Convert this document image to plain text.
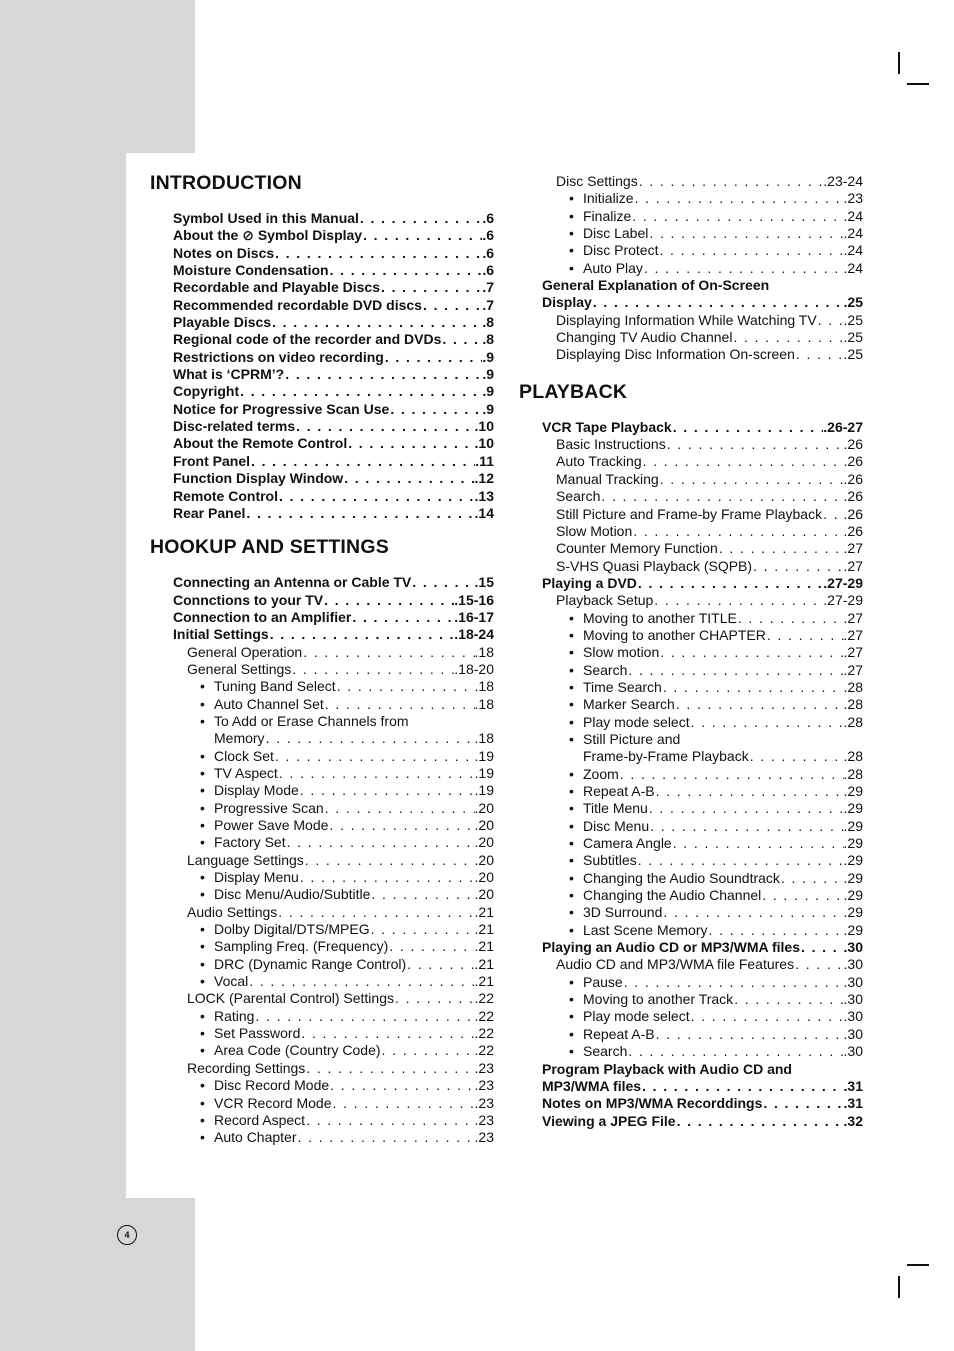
INTRODUCTION
Symbol Used in this Manual . . .	.6
About the ⊘ Symbol Display . . .	.6
Notes on Discs . . .	.6
Moisture Condensation . . .	.6
Recordable and Playable Discs . . .	.7
Recommended recordable DVD discs . . .	.7
Playable Discs . . .	.8
Regional code of the recorder and DVDs . . .	.8
Restrictions on video recording . . .	.9
What is ‘CPRM’? . . .	.9
Copyright . . .	.9
Notice for Progressive Scan Use . . .	.9
Disc-related terms . . .	.10
About the Remote Control . . .	.10
Front Panel . . .	.11
Function Display Window . . .	.12
Remote Control . . .	.13
Rear Panel . . .	.14
HOOKUP AND SETTINGS
Connecting an Antenna or Cable TV . . .	.15
Connctions to your TV . . .	.15-16
Connection to an Amplifier . . .	.16-17
Initial Settings . . .	.18-24
General Operation . . .	.18
General Settings . . .	.18-20
• Tuning Band Select . . .	.18
• Auto Channel Set . . .	.18
• To Add or Erase Channels from
Memory . . .	.18
• Clock Set . . .	.19
• TV Aspect . . .	.19
• Display Mode . . .	.19
• Progressive Scan . . .	.20
• Power Save Mode . . .	.20
• Factory Set . . .	.20
Language Settings . . .	.20
• Display Menu . . .	.20
• Disc Menu/Audio/Subtitle . . .	.20
Audio Settings . . .	.21
• Dolby Digital/DTS/MPEG . . .	.21
• Sampling Freq. (Frequency) . . .	.21
• DRC (Dynamic Range Control) . . .	.21
• Vocal . . .	.21
LOCK (Parental Control) Settings . . .	.22
• Rating . . .	.22
• Set Password . . .	.22
• Area Code (Country Code) . . .	.22
Recording Settings . . .	.23
• Disc Record Mode . . .	.23
• VCR Record Mode . . .	.23
• Record Aspect . . .	.23
• Auto Chapter . . .	.23
Disc Settings . . .	.23-24
• Initialize . . .	.23
• Finalize . . .	.24
• Disc Label . . .	.24
• Disc Protect . . .	.24
• Auto Play . . .	.24
General Explanation of On-Screen
Display . . .	.25
Displaying Information While Watching TV . . . .25
Changing TV Audio Channel . . .	.25
Displaying Disc Information On-screen . . .	.25
PLAYBACK
VCR Tape Playback . . .	.26-27
Basic Instructions . . .	.26
Auto Tracking . . .	.26
Manual Tracking . . .	.26
Search . . .	.26
Still Picture and Frame-by Frame Playback . . . .26
Slow Motion . . .	.26
Counter Memory Function . . .	.27
S-VHS Quasi Playback (SQPB) . . .	.27
Playing a DVD . . .	.27-29
Playback Setup . . .	.27-29
• Moving to another TITLE . . .	.27
• Moving to another CHAPTER . . .	.27
• Slow motion . . .	.27
• Search . . .	.27
• Time Search . . .	.28
• Marker Search . . .	.28
• Play mode select . . .	.28
• Still Picture and
Frame-by-Frame Playback . . .	.28
• Zoom . . .	.28
• Repeat A-B . . .	.29
• Title Menu . . .	.29
• Disc Menu . . .	.29
• Camera Angle . . .	.29
• Subtitles . . .	.29
• Changing the Audio Soundtrack . . .	.29
• Changing the Audio Channel . . .	.29
• 3D Surround . . .	.29
• Last Scene Memory . . .	.29
Playing an Audio CD or MP3/WMA files . . .	.30
Audio CD and MP3/WMA file Features . . .	.30
• Pause . . .	.30
• Moving to another Track . . .	.30
• Play mode select . . .	.30
• Repeat A-B . . .	.30
• Search . . .	.30
Program Playback with Audio CD and
MP3/WMA files . . .	.31
Notes on MP3/WMA Recorddings . . .	.31
Viewing a JPEG File . . .	.32
4
